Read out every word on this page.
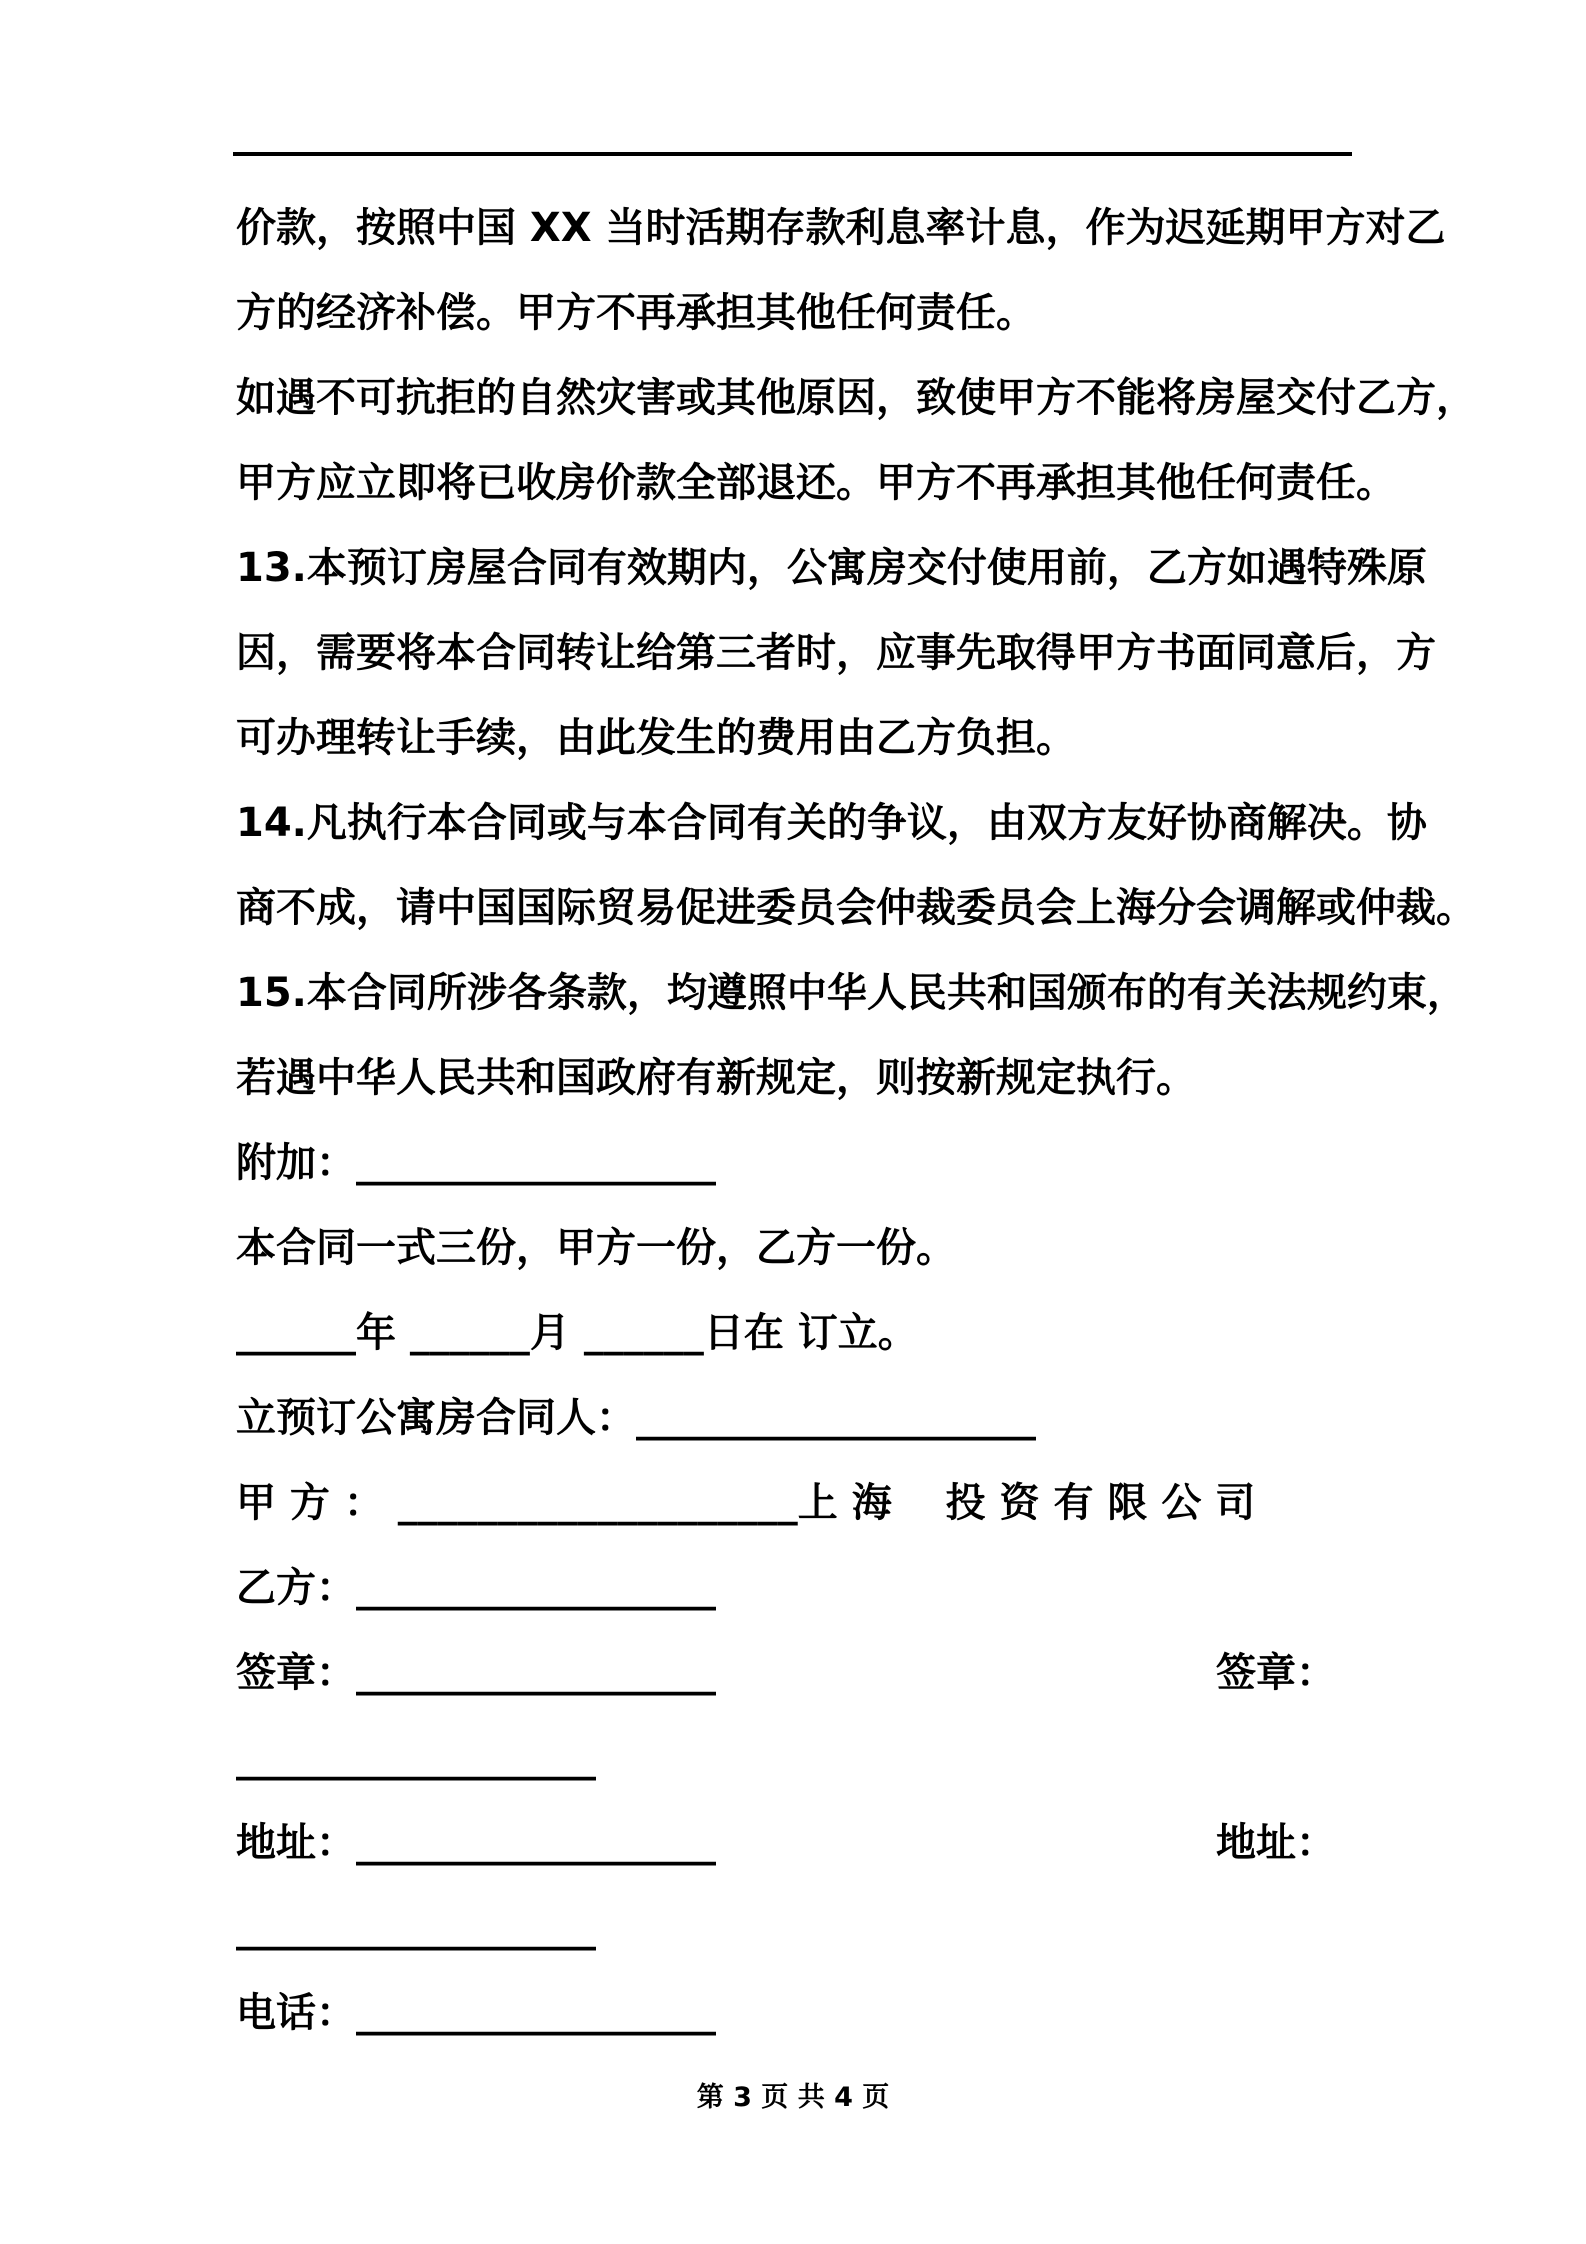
价款，按照中国 XX 当时活期存款利息率计息，作为迟延期甲方对乙
方的经济补偿。甲方不再承担其他任何责任。
如遇不可抗拒的自然灾害或其他原因，致使甲方不能将房屋交付乙方，
甲方应立即将已收房价款全部退还。甲方不再承担其他任何责任。
13.本预订房屋合同有效期内，公寓房交付使用前，乙方如遇特殊原
因，需要将本合同转让给第三者时，应事先取得甲方书面同意后，方
可办理转让手续，由此发生的费用由乙方负担。
14.凡执行本合同或与本合同有关的争议，由双方友好协商解决。协
商不成，请中国国际贸易促进委员会仲裁委员会上海分会调解或仲裁。
15.本合同所涉各条款，均遵照中华人民共和国颁布的有关法规约束，
若遇中华人民共和国政府有新规定，则按新规定执行。
附加：__________________
本合同一式三份，甲方一份，乙方一份。
______年 ______月 ______日在 订立。
立预订公寓房合同人：____________________
甲 方 ： ____________________上 海　 投 资 有 限 公 司
乙方：__________________
签章：__________________	签章：
__________________
地址：__________________	地址：
__________________
电话：__________________
第 3 页 共 4 页
